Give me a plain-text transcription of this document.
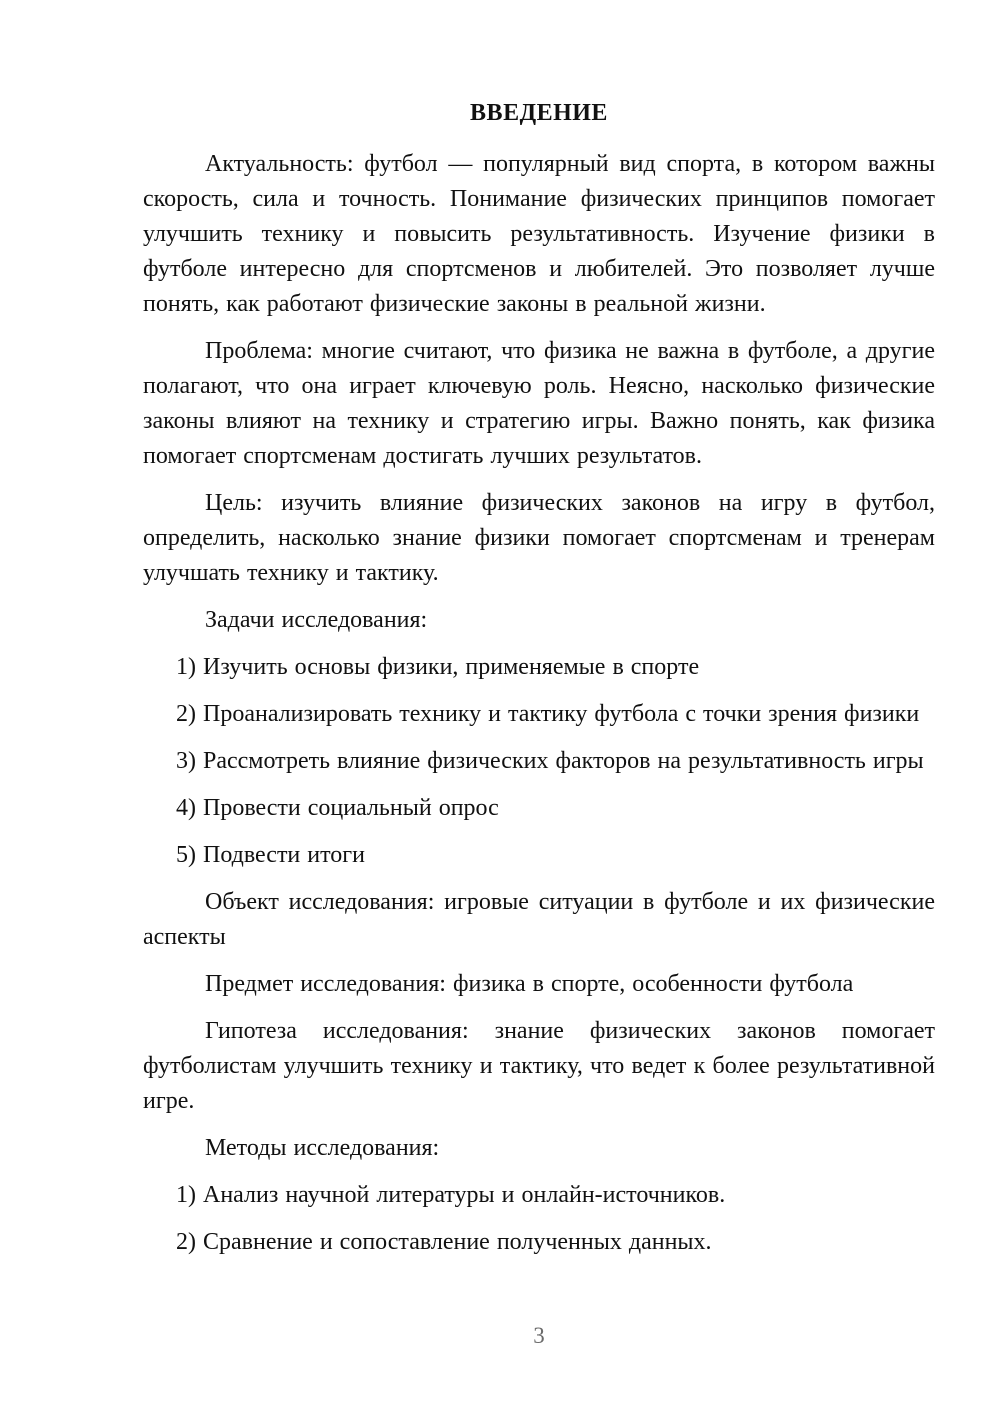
ВВЕДЕНИЕ

Актуальность: футбол — популярный вид спорта, в котором важны скорость, сила и точность. Понимание физических принципов помогает улучшить технику и повысить результативность. Изучение физики в футболе интересно для спортсменов и любителей. Это позволяет лучше понять, как работают физические законы в реальной жизни.

Проблема: многие считают, что физика не важна в футболе, а другие полагают, что она играет ключевую роль. Неясно, насколько физические законы влияют на технику и стратегию игры. Важно понять, как физика помогает спортсменам достигать лучших результатов.

Цель: изучить влияние физических законов на игру в футбол, определить, насколько знание физики помогает спортсменам и тренерам улучшать технику и тактику.

Задачи исследования:

1) Изучить основы физики, применяемые в спорте

2) Проанализировать технику и тактику футбола с точки зрения физики

3) Рассмотреть влияние физических факторов на результативность игры

4) Провести социальный опрос

5) Подвести итоги

Объект исследования: игровые ситуации в футболе и их физические аспекты

Предмет исследования: физика в спорте, особенности футбола

Гипотеза исследования: знание физических законов помогает футболистам улучшить технику и тактику, что ведет к более результативной игре.

Методы исследования:

1) Анализ научной литературы и онлайн-источников.

2) Сравнение и сопоставление полученных данных.

3
